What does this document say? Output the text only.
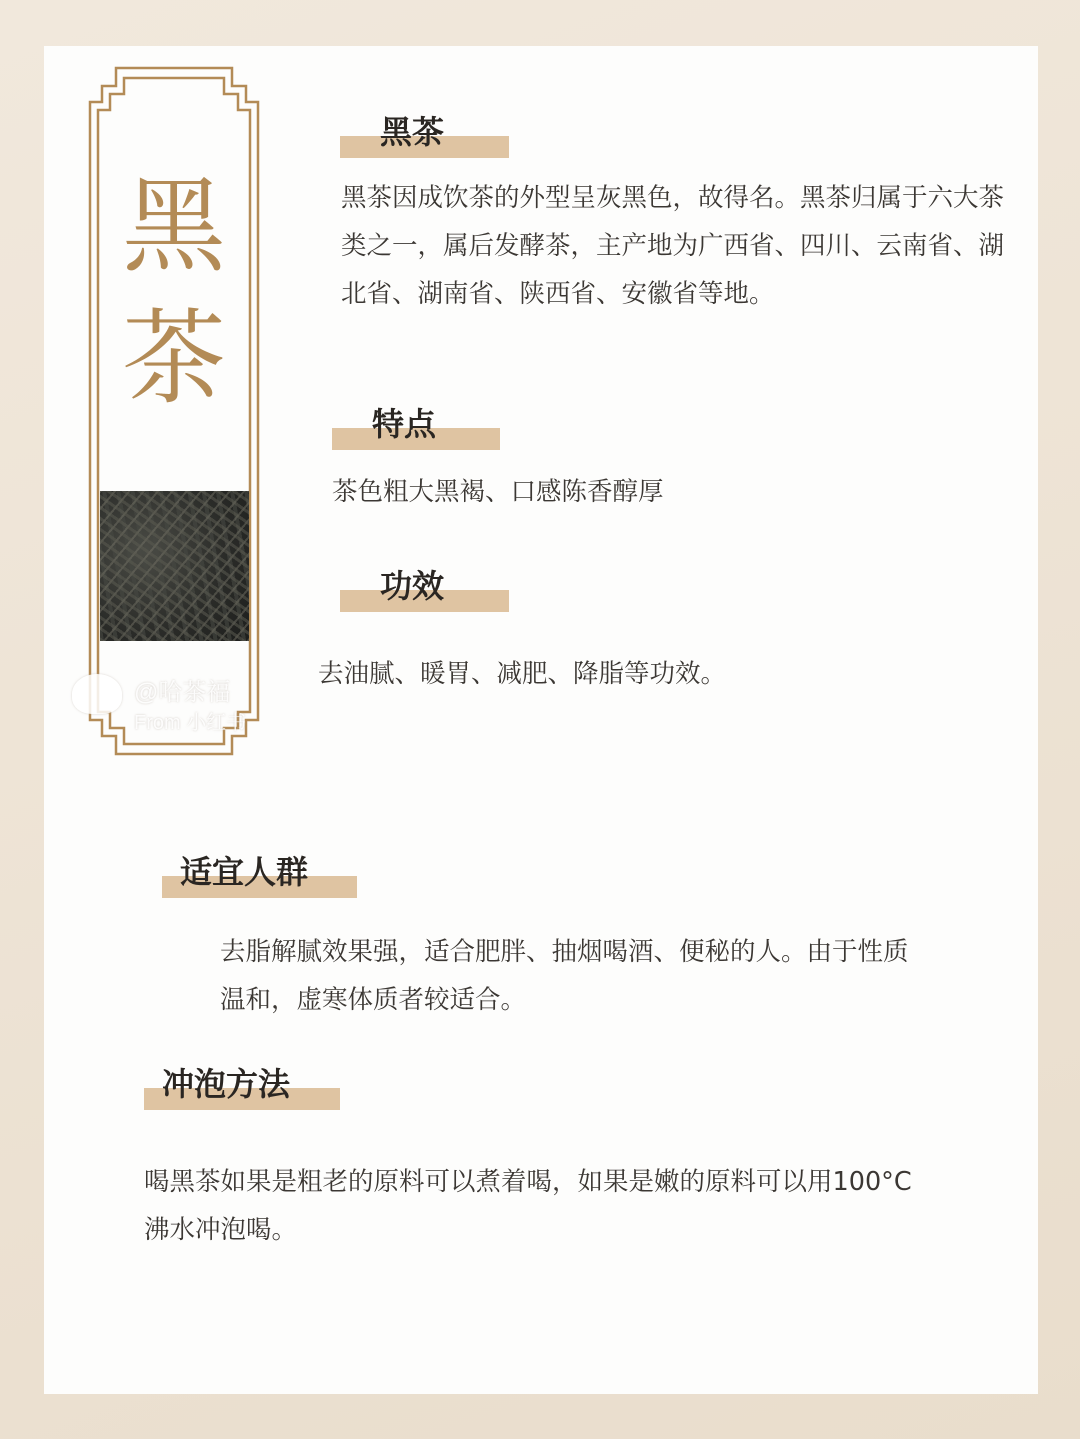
黑
茶
@哈茶福
From 小红书
黑茶
黑茶因成饮茶的外型呈灰黑色，故得名。黑茶归属于六大茶类之一，属后发酵茶，主产地为广西省、四川、云南省、湖北省、湖南省、陕西省、安徽省等地。
特点
茶色粗大黑褐、口感陈香醇厚
功效
去油腻、暖胃、减肥、降脂等功效。
适宜人群
去脂解腻效果强，适合肥胖、抽烟喝酒、便秘的人。由于性质温和，虚寒体质者较适合。
冲泡方法
喝黑茶如果是粗老的原料可以煮着喝，如果是嫩的原料可以用100°C沸水冲泡喝。
